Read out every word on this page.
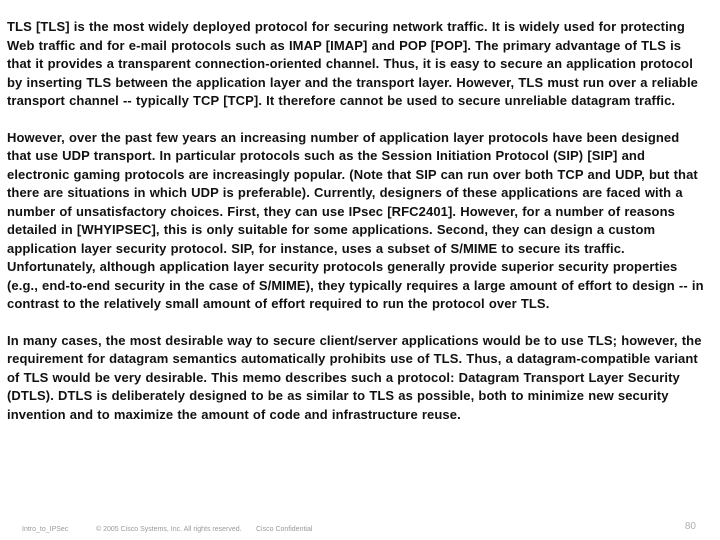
TLS [TLS] is the most widely deployed protocol for securing network traffic. It is widely used for protecting Web traffic and for e-mail protocols such as IMAP [IMAP] and POP [POP]. The primary advantage of TLS is that it provides a transparent connection-oriented channel. Thus, it is easy to secure an application protocol by inserting TLS between the application layer and the transport layer. However, TLS must run over a reliable transport channel -- typically TCP [TCP]. It therefore cannot be used to secure unreliable datagram traffic.

However, over the past few years an increasing number of application layer protocols have been designed that use UDP transport. In particular protocols such as the Session Initiation Protocol (SIP) [SIP] and electronic gaming protocols are increasingly popular. (Note that SIP can run over both TCP and UDP, but that there are situations in which UDP is preferable). Currently, designers of these applications are faced with a number of unsatisfactory choices. First, they can use IPsec [RFC2401]. However, for a number of reasons detailed in [WHYIPSEC], this is only suitable for some applications. Second, they can design a custom application layer security protocol. SIP, for instance, uses a subset of S/MIME to secure its traffic. Unfortunately, although application layer security protocols generally provide superior security properties (e.g., end-to-end security in the case of S/MIME), they typically requires a large amount of effort to design -- in contrast to the relatively small amount of effort required to run the protocol over TLS.

In many cases, the most desirable way to secure client/server applications would be to use TLS; however, the requirement for datagram semantics automatically prohibits use of TLS. Thus, a datagram-compatible variant of TLS would be very desirable. This memo describes such a protocol: Datagram Transport Layer Security (DTLS). DTLS is deliberately designed to be as similar to TLS as possible, both to minimize new security invention and to maximize the amount of code and infrastructure reuse.

Intro_to_IPSec	© 2005 Cisco Systems, Inc. All rights reserved. Cisco Confidential	80
